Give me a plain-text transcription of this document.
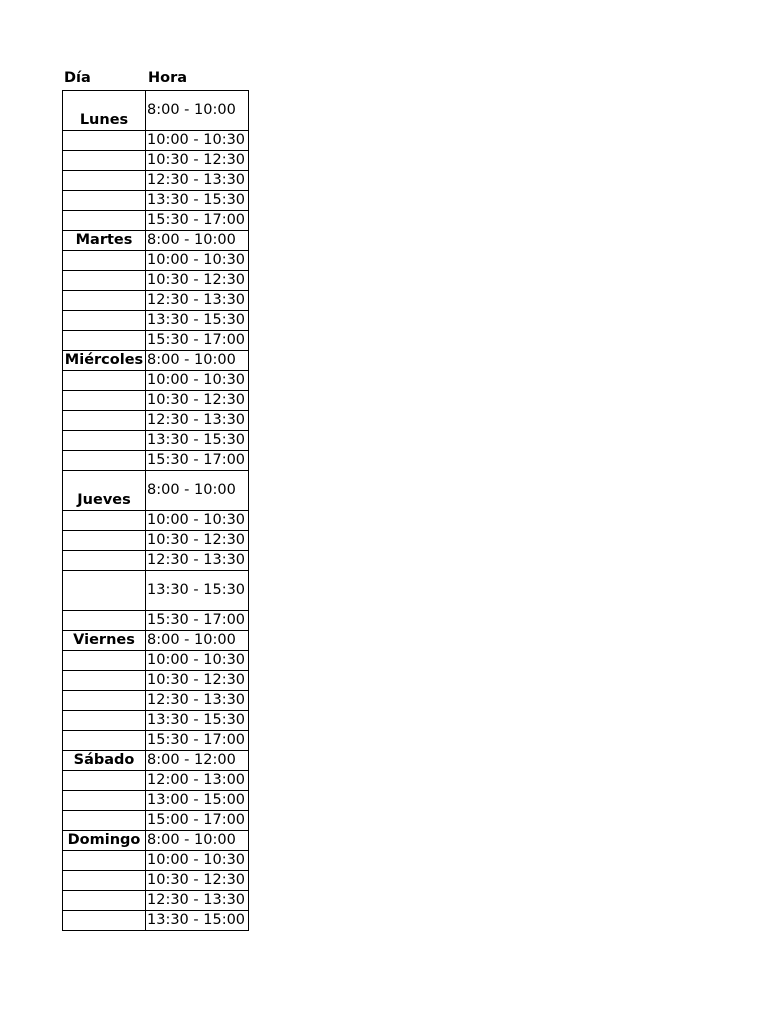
Día	Hora
Lunes	8:00 - 10:00
	10:00 - 10:30
	10:30 - 12:30
	12:30 - 13:30
	13:30 - 15:30
	15:30 - 17:00
Martes	8:00 - 10:00
	10:00 - 10:30
	10:30 - 12:30
	12:30 - 13:30
	13:30 - 15:30
	15:30 - 17:00
Miércoles	8:00 - 10:00
	10:00 - 10:30
	10:30 - 12:30
	12:30 - 13:30
	13:30 - 15:30
	15:30 - 17:00
Jueves	8:00 - 10:00
	10:00 - 10:30
	10:30 - 12:30
	12:30 - 13:30
	13:30 - 15:30
	15:30 - 17:00
Viernes	8:00 - 10:00
	10:00 - 10:30
	10:30 - 12:30
	12:30 - 13:30
	13:30 - 15:30
	15:30 - 17:00
Sábado	8:00 - 12:00
	12:00 - 13:00
	13:00 - 15:00
	15:00 - 17:00
Domingo	8:00 - 10:00
	10:00 - 10:30
	10:30 - 12:30
	12:30 - 13:30
	13:30 - 15:00
